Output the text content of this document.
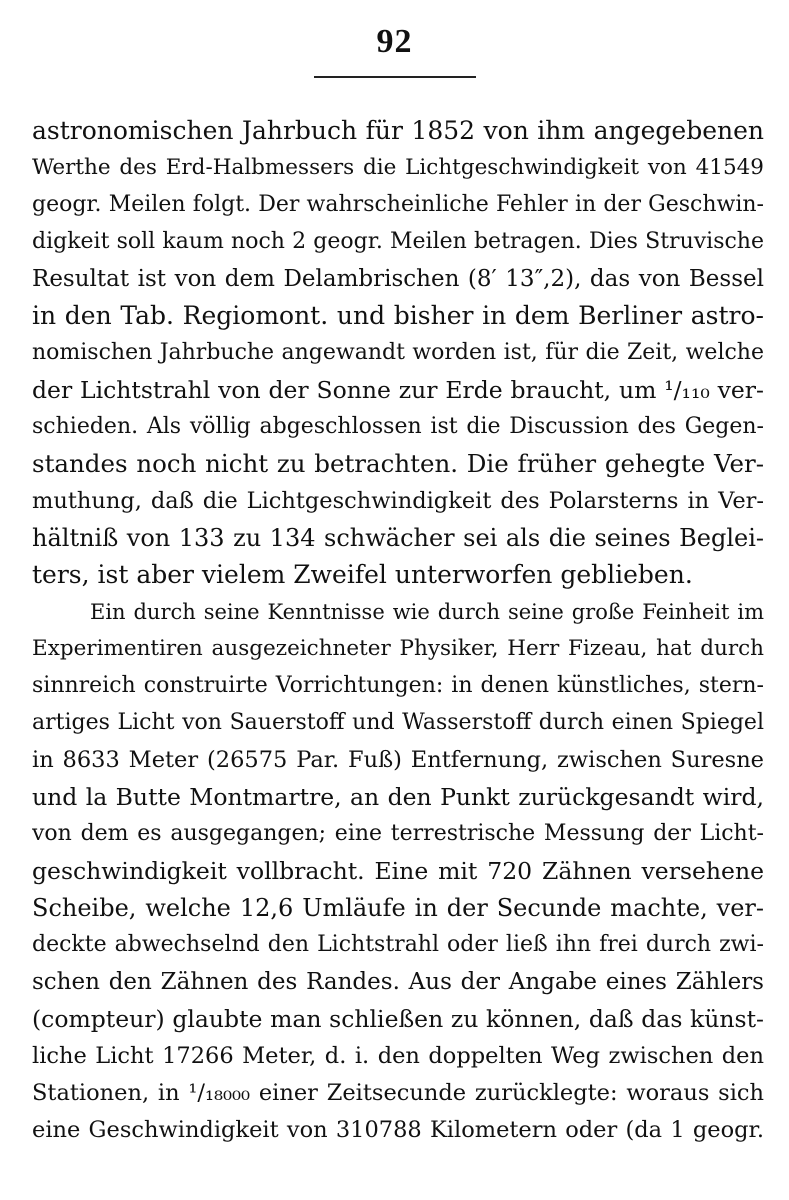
92
astronomischen Jahrbuch für 1852 von ihm angegebenen
Werthe des Erd-Halbmessers die Lichtgeschwindigkeit von 41549
geogr. Meilen folgt. Der wahrscheinliche Fehler in der Geschwin-
digkeit soll kaum noch 2 geogr. Meilen betragen. Dies Struvische
Resultat ist von dem Delambrischen (8′ 13″,2), das von Bessel
in den Tab. Regiomont. und bisher in dem Berliner astro-
nomischen Jahrbuche angewandt worden ist, für die Zeit, welche
der Lichtstrahl von der Sonne zur Erde braucht, um ¹/₁₁₀ ver-
schieden. Als völlig abgeschlossen ist die Discussion des Gegen-
standes noch nicht zu betrachten. Die früher gehegte Ver-
muthung, daß die Lichtgeschwindigkeit des Polarsterns in Ver-
hältniß von 133 zu 134 schwächer sei als die seines Beglei-
ters, ist aber vielem Zweifel unterworfen geblieben.
Ein durch seine Kenntnisse wie durch seine große Feinheit im
Experimentiren ausgezeichneter Physiker, Herr Fizeau, hat durch
sinnreich construirte Vorrichtungen: in denen künstliches, stern-
artiges Licht von Sauerstoff und Wasserstoff durch einen Spiegel
in 8633 Meter (26575 Par. Fuß) Entfernung, zwischen Suresne
und la Butte Montmartre, an den Punkt zurückgesandt wird,
von dem es ausgegangen; eine terrestrische Messung der Licht-
geschwindigkeit vollbracht. Eine mit 720 Zähnen versehene
Scheibe, welche 12,6 Umläufe in der Secunde machte, ver-
deckte abwechselnd den Lichtstrahl oder ließ ihn frei durch zwi-
schen den Zähnen des Randes. Aus der Angabe eines Zählers
(compteur) glaubte man schließen zu können, daß das künst-
liche Licht 17266 Meter, d. i. den doppelten Weg zwischen den
Stationen, in ¹/₁₈₀₀₀ einer Zeitsecunde zurücklegte: woraus sich
eine Geschwindigkeit von 310788 Kilometern oder (da 1 geogr.
